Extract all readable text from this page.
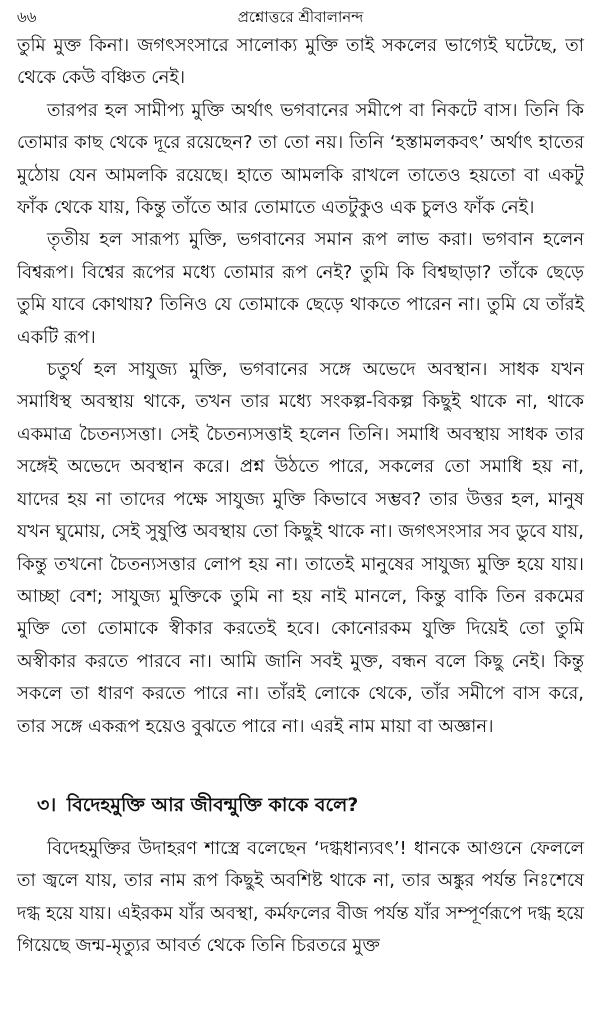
৬৬	প্রশ্নোত্তরে শ্রীবালানন্দ

তুমি মুক্ত কিনা। জগৎসংসারে সালোক্য মুক্তি তাই সকলের ভাগ্যেই ঘটেছে, তা থেকে কেউ বঞ্চিত নেই।

তারপর হল সামীপ্য মুক্তি অর্থাৎ ভগবানের সমীপে বা নিকটে বাস। তিনি কি তোমার কাছ থেকে দূরে রয়েছেন? তা তো নয়। তিনি ‘হস্তামলকবৎ’ অর্থাৎ হাতের মুঠোয় যেন আমলকি রয়েছে। হাতে আমলকি রাখলে তাতেও হয়তো বা একটু ফাঁক থেকে যায়, কিন্তু তাঁতে আর তোমাতে এতটুকুও এক চুলও ফাঁক নেই।

তৃতীয় হল সারূপ্য মুক্তি, ভগবানের সমান রূপ লাভ করা। ভগবান হলেন বিশ্বরূপ। বিশ্বের রূপের মধ্যে তোমার রূপ নেই? তুমি কি বিশ্বছাড়া? তাঁকে ছেড়ে তুমি যাবে কোথায়? তিনিও যে তোমাকে ছেড়ে থাকতে পারেন না। তুমি যে তাঁরই একটি রূপ।

চতুর্থ হল সাযুজ্য মুক্তি, ভগবানের সঙ্গে অভেদে অবস্থান। সাধক যখন সমাধিস্থ অবস্থায় থাকে, তখন তার মধ্যে সংকল্প-বিকল্প কিছুই থাকে না, থাকে একমাত্র চৈতন্যসত্তা। সেই চৈতন্যসত্তাই হলেন তিনি। সমাধি অবস্থায় সাধক তার সঙ্গেই অভেদে অবস্থান করে। প্রশ্ন উঠতে পারে, সকলের তো সমাধি হয় না, যাদের হয় না তাদের পক্ষে সাযুজ্য মুক্তি কিভাবে সম্ভব? তার উত্তর হল, মানুষ যখন ঘুমোয়, সেই সুষুপ্তি অবস্থায় তো কিছুই থাকে না। জগৎসংসার সব ডুবে যায়, কিন্তু তখনো চৈতন্যসত্তার লোপ হয় না। তাতেই মানুষের সাযুজ্য মুক্তি হয়ে যায়। আচ্ছা বেশ; সাযুজ্য মুক্তিকে তুমি না হয় নাই মানলে, কিন্তু বাকি তিন রকমের মুক্তি তো তোমাকে স্বীকার করতেই হবে। কোনোরকম যুক্তি দিয়েই তো তুমি অস্বীকার করতে পারবে না। আমি জানি সবই মুক্ত, বন্ধন বলে কিছু নেই। কিন্তু সকলে তা ধারণ করতে পারে না। তাঁরই লোকে থেকে, তাঁর সমীপে বাস করে, তার সঙ্গে একরূপ হয়েও বুঝতে পারে না। এরই নাম মায়া বা অজ্ঞান।

৩। বিদেহমুক্তি আর জীবন্মুক্তি কাকে বলে?

বিদেহমুক্তির উদাহরণ শাস্ত্রে বলেছেন ‘দগ্ধধান্যবৎ’! ধানকে আগুনে ফেললে তা জ্বলে যায়, তার নাম রূপ কিছুই অবশিষ্ট থাকে না, তার অঙ্কুর পর্যন্ত নিঃশেষে দগ্ধ হয়ে যায়। এইরকম যাঁর অবস্থা, কর্মফলের বীজ পর্যন্ত যাঁর সম্পূর্ণরূপে দগ্ধ হয়ে গিয়েছে জন্ম-মৃত্যুর আবর্ত থেকে তিনি চিরতরে মুক্ত
